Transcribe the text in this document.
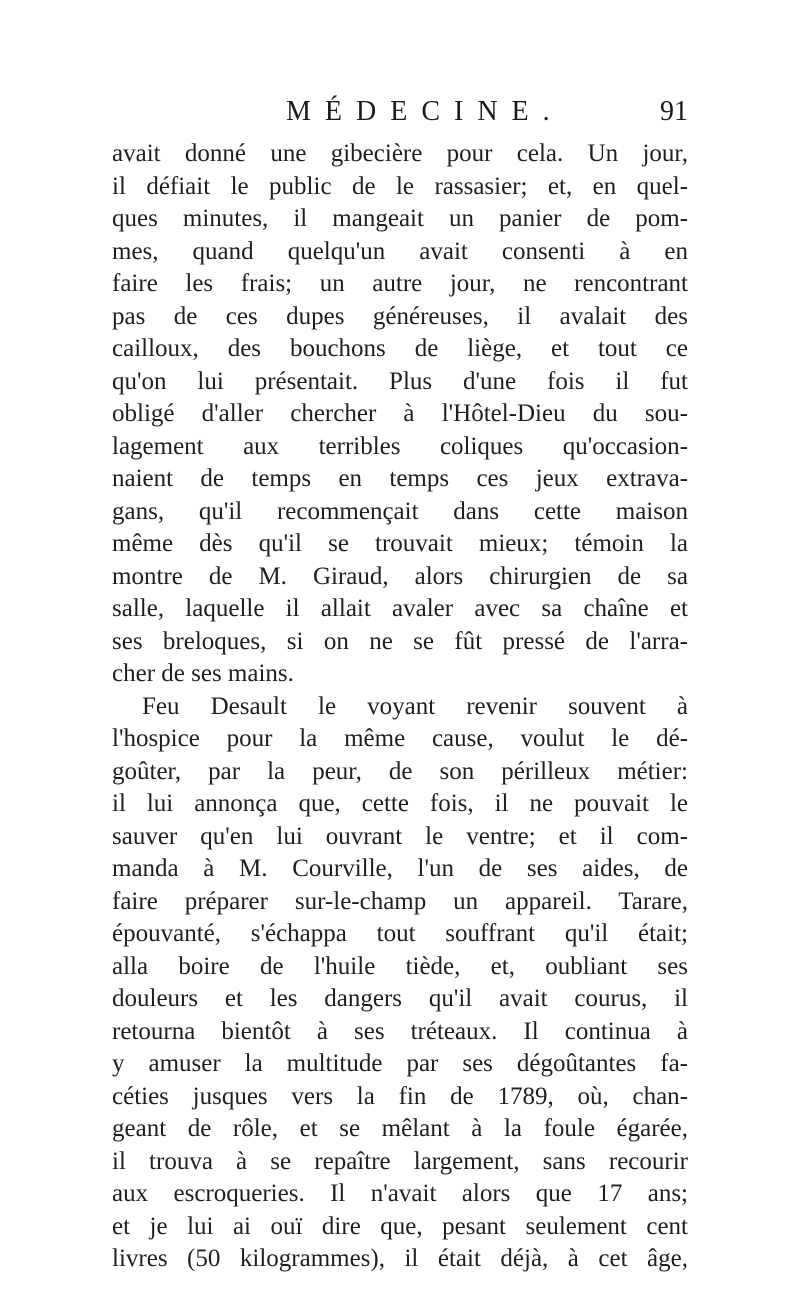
MÉDECINE.	91
avait donné une gibecière pour cela. Un jour,
il défiait le public de le rassasier; et, en quel-
ques minutes, il mangeait un panier de pom-
mes, quand quelqu'un avait consenti à en
faire les frais; un autre jour, ne rencontrant
pas de ces dupes généreuses, il avalait des
cailloux, des bouchons de liège, et tout ce
qu'on lui présentait. Plus d'une fois il fut
obligé d'aller chercher à l'Hôtel-Dieu du sou-
lagement aux terribles coliques qu'occasion-
naient de temps en temps ces jeux extrava-
gans, qu'il recommençait dans cette maison
même dès qu'il se trouvait mieux; témoin la
montre de M. Giraud, alors chirurgien de sa
salle, laquelle il allait avaler avec sa chaîne et
ses breloques, si on ne se fût pressé de l'arra-
cher de ses mains.
Feu Desault le voyant revenir souvent à
l'hospice pour la même cause, voulut le dé-
goûter, par la peur, de son périlleux métier:
il lui annonça que, cette fois, il ne pouvait le
sauver qu'en lui ouvrant le ventre; et il com-
manda à M. Courville, l'un de ses aides, de
faire préparer sur-le-champ un appareil. Tarare,
épouvanté, s'échappa tout souffrant qu'il était;
alla boire de l'huile tiède, et, oubliant ses
douleurs et les dangers qu'il avait courus, il
retourna bientôt à ses tréteaux. Il continua à
y amuser la multitude par ses dégoûtantes fa-
céties jusques vers la fin de 1789, où, chan-
geant de rôle, et se mêlant à la foule égarée,
il trouva à se repaître largement, sans recourir
aux escroqueries. Il n'avait alors que 17 ans;
et je lui ai ouï dire que, pesant seulement cent
livres (50 kilogrammes), il était déjà, à cet âge,
